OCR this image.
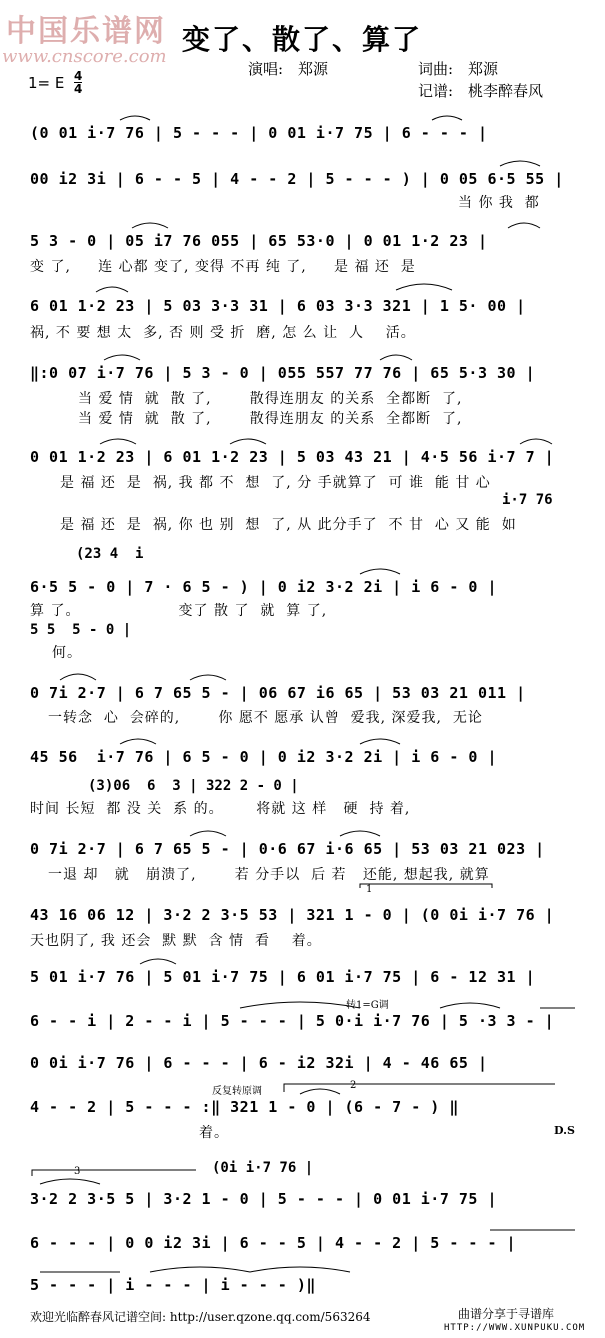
中国乐谱网
www.cnscore.com
变了、散了、算了
演唱: 郑源	词曲: 郑源
记谱: 桃李醉春风
1= E 4
4
(0 01 i·7 76 | 5 - - - | 0 01 i·7 75 | 6 - - - |
00 i2 3i | 6 - - 5 | 4 - - 2 | 5 - - - ) | 0 05 6·5 55 |
当 你 我  都
5 3 - 0 | 05 i7 76 055 | 65 53·0 | 0 01 1·2 23 |
变 了,     连 心都 变了, 变得 不再 纯 了,     是 福 还  是
6 01 1·2 23 | 5 03 3·3 31 | 6 03 3·3 321 | 1 5· 00 |
祸, 不 要 想 太  多, 否 则 受 折  磨, 怎 么 让  人    活。
‖:0 07 i·7 76 | 5 3 - 0 | 055 557 77 76 | 65 5·3 30 |
当 爱 情  就  散 了,       散得连朋友 的关系  全都断  了,
当 爱 情  就  散 了,       散得连朋友 的关系  全都断  了,
0 01 1·2 23 | 6 01 1·2 23 | 5 03 43 21 | 4·5 56 i·7 7 |
是 福 还  是  祸, 我 都 不  想  了, 分 手就算了  可 谁  能 甘 心
i·7 76
是 福 还  是  祸, 你 也 别  想  了, 从 此分手了  不 甘  心 又 能  如
(23 4  i
6·5 5 - 0 | 7 · 6 5 - ) | 0 i2 3·2 2i | i 6 - 0 |
算 了。                  变了 散 了  就  算 了,
5 5  5 - 0 |
何。
0 7i 2·7 | 6 7 65 5 - | 06 67 i6 65 | 53 03 21 011 |
一转念  心  会碎的,       你 愿不 愿承 认曾  爱我, 深爱我,  无论
45 56  i·7 76 | 6 5 - 0 | 0 i2 3·2 2i | i 6 - 0 |
(3)06  6  3 | 322 2 - 0 |
时间 长短  都 没 关  系 的。      将就 这 样   硬  持 着,
0 7i 2·7 | 6 7 65 5 - | 0·6 67 i·6 65 | 53 03 21 023 |
一退 却   就   崩溃了,       若 分手以  后 若   还能, 想起我, 就算
43 16 06 12 | 3·2 2 3·5 53 | 321 1 - 0 | (0 0i i·7 76 |
天也阴了, 我 还会  默 默  含 情  看    着。
5 01 i·7 76 | 5 01 i·7 75 | 6 01 i·7 75 | 6 - 12 31 |
转1=G调
6 - - i | 2 - - i | 5 - - - | 5 0·i i·7 76 | 5 ·3 3 - |
0 0i i·7 76 | 6 - - - | 6 - i2 32i | 4 - 46 65 |
反复转原调
4 - - 2 | 5 - - - :‖ 321 1 - 0 | (6 - 7 - ) ‖
着。	D.S
(0i i·7 76 |
3·2 2 3·5 5 | 3·2 1 - 0 | 5 - - - | 0 01 i·7 75 |
6 - - - | 0 0 i2 3i | 6 - - 5 | 4 - - 2 | 5 - - - |
5 - - - | i - - - | i - - - )‖
1
2
3
欢迎光临醉春风记谱空间: http://user.qzone.qq.com/563264	曲谱分享于寻谱库
HTTP://WWW.XUNPUKU.COM
